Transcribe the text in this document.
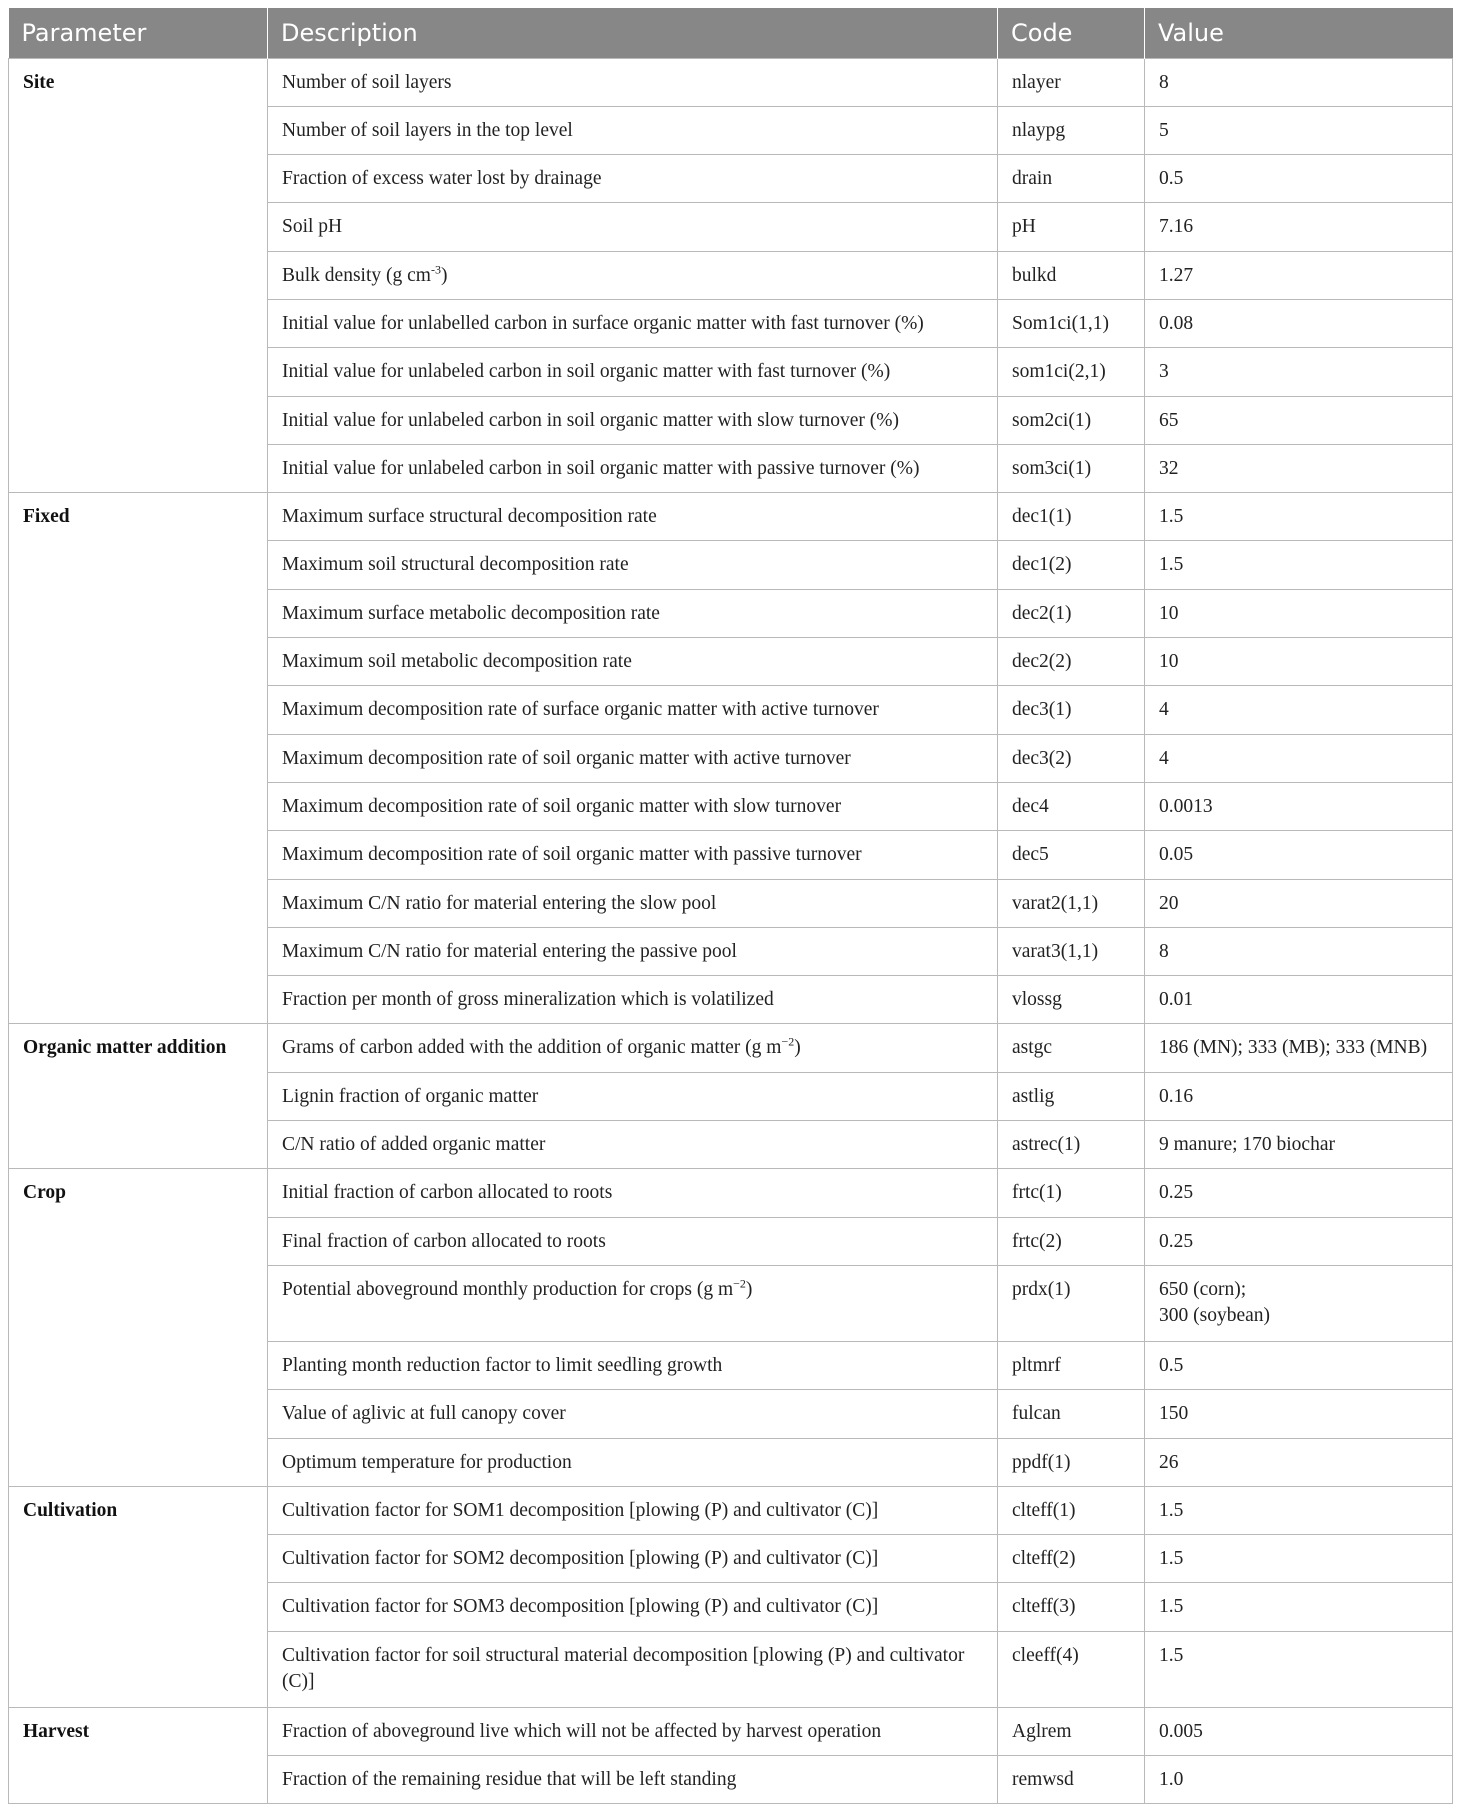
Parameter	Description	Code	Value
Site	Number of soil layers	nlayer	8
	Number of soil layers in the top level	nlaypg	5
	Fraction of excess water lost by drainage	drain	0.5
	Soil pH	pH	7.16
	Bulk density (g $cm^{-3}$)	bulkd	1.27
	Initial value for unlabelled carbon in surface organic matter with fast turnover (%)	Som1ci(1,1)	0.08
	Initial value for unlabeled carbon in soil organic matter with fast turnover (%)	som1ci(2,1)	3
	Initial value for unlabeled carbon in soil organic matter with slow turnover (%)	som2ci(1)	65
	Initial value for unlabeled carbon in soil organic matter with passive turnover (%)	som3ci(1)	32
Fixed	Maximum surface structural decomposition rate	dec1(1)	1.5
	Maximum soil structural decomposition rate	dec1(2)	1.5
	Maximum surface metabolic decomposition rate	dec2(1)	10
	Maximum soil metabolic decomposition rate	dec2(2)	10
	Maximum decomposition rate of surface organic matter with active turnover	dec3(1)	4
	Maximum decomposition rate of soil organic matter with active turnover	dec3(2)	4
	Maximum decomposition rate of soil organic matter with slow turnover	dec4	0.0013
	Maximum decomposition rate of soil organic matter with passive turnover	dec5	0.05
	Maximum C/N ratio for material entering the slow pool	varat2(1,1)	20
	Maximum C/N ratio for material entering the passive pool	varat3(1,1)	8
	Fraction per month of gross mineralization which is volatilized	vlossg	0.01
Organic matter addition	Grams of carbon added with the addition of organic matter (g $m^{-2}$)	astgc	186 (MN); 333 (MB); 333 (MNB)
	Lignin fraction of organic matter	astlig	0.16
	C/N ratio of added organic matter	astrec(1)	9 manure; 170 biochar
Crop	Initial fraction of carbon allocated to roots	frtc(1)	0.25
	Final fraction of carbon allocated to roots	frtc(2)	0.25
	Potential aboveground monthly production for crops (g $m^{-2}$)	prdx(1)	650 (corn);
300 (soybean)

	Planting month reduction factor to limit seedling growth	pltmrf	0.5
	Value of aglivic at full canopy cover	fulcan	150
	Optimum temperature for production	ppdf(1)	26
Cultivation	Cultivation factor for SOM1 decomposition [plowing (P) and cultivator (C)]	clteff(1)	1.5
	Cultivation factor for SOM2 decomposition [plowing (P) and cultivator (C)]	clteff(2)	1.5
	Cultivation factor for SOM3 decomposition [plowing (P) and cultivator (C)]	clteff(3)	1.5
	Cultivation factor for soil structural material decomposition [plowing (P) and cultivator (C)]	cleeff(4)	1.5
Harvest	Fraction of aboveground live which will not be affected by harvest operation	Aglrem	0.005
	Fraction of the remaining residue that will be left standing	remwsd	1.0
